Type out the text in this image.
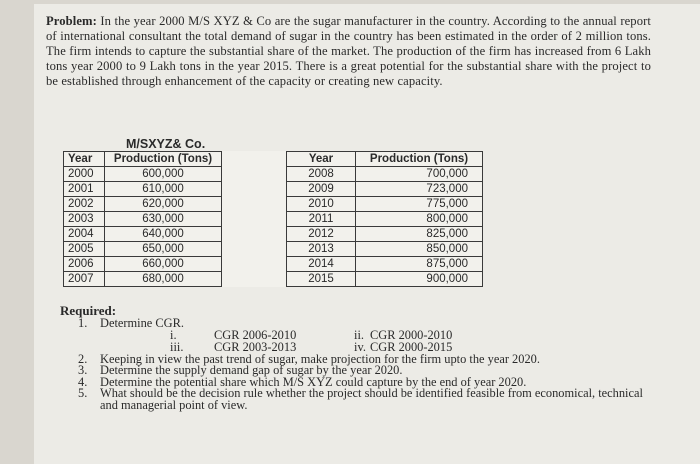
Problem: In the year 2000 M/S XYZ & Co are the sugar manufacturer in the country. According to the annual report of international consultant the total demand of sugar in the country has been estimated in the order of 2 million tons. The firm intends to capture the substantial share of the market. The production of the firm has increased from 6 Lakh tons year 2000 to 9 Lakh tons in the year 2015. There is a great potential for the substantial share with the project to be established through enhancement of the capacity or creating new capacity.
M/SXYZ& Co.
Year	Production (Tons)		Year	Production (Tons)
2000	600,000		2008	700,000
2001	610,000		2009	723,000
2002	620,000		2010	775,000
2003	630,000		2011	800,000
2004	640,000		2012	825,000
2005	650,000		2013	850,000
2006	660,000		2014	875,000
2007	680,000		2015	900,000
Required:
1. Determine CGR.
i.	CGR 2006-2010	ii. CGR 2000-2010
iii. CGR 2003-2013	iv. CGR 2000-2015
2. Keeping in view the past trend of sugar, make projection for the firm upto the year 2020.
3. Determine the supply demand gap of sugar by the year 2020.
4. Determine the potential share which M/S XYZ could capture by the end of year 2020.
5. What should be the decision rule whether the project should be identified feasible from economical, technical and managerial point of view.
